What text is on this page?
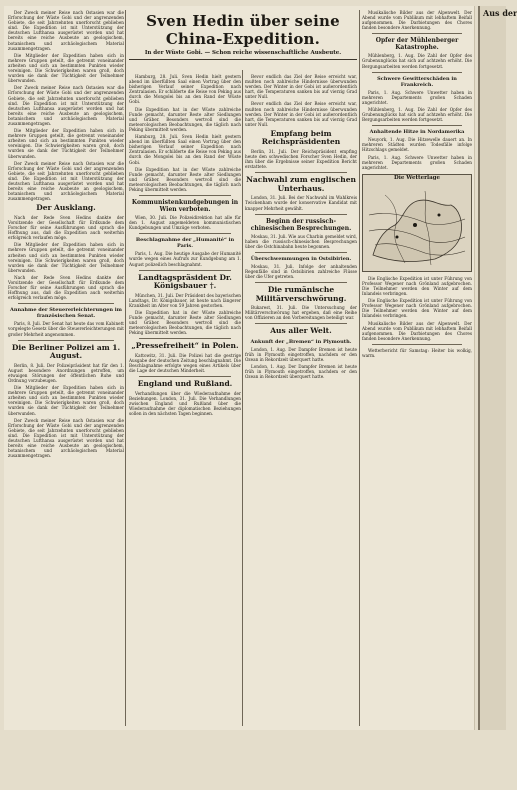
Der Zweck meiner Reise nach Ostasien war die Erforschung der Wüste Gobi und der angrenzenden Gebiete, die seit Jahrzehnten unerforscht geblieben sind. Die Expedition ist mit Unterstützung der deutschen Lufthansa ausgerüstet worden und hat bereits eine reiche Ausbeute an geologischem, botanischem und archäologischem Material zusammengetragen.

Die Mitglieder der Expedition haben sich in mehrere Gruppen geteilt, die getrennt voneinander arbeiten und sich an bestimmten Punkten wieder vereinigen. Die Schwierigkeiten waren groß, doch wurden sie dank der Tüchtigkeit der Teilnehmer überwunden.

Der Zweck meiner Reise nach Ostasien war die Erforschung der Wüste Gobi und der angrenzenden Gebiete, die seit Jahrzehnten unerforscht geblieben sind. Die Expedition ist mit Unterstützung der deutschen Lufthansa ausgerüstet worden und hat bereits eine reiche Ausbeute an geologischem, botanischem und archäologischem Material zusammengetragen.

Die Mitglieder der Expedition haben sich in mehrere Gruppen geteilt, die getrennt voneinander arbeiten und sich an bestimmten Punkten wieder vereinigen. Die Schwierigkeiten waren groß, doch wurden sie dank der Tüchtigkeit der Teilnehmer überwunden.

Der Zweck meiner Reise nach Ostasien war die Erforschung der Wüste Gobi und der angrenzenden Gebiete, die seit Jahrzehnten unerforscht geblieben sind. Die Expedition ist mit Unterstützung der deutschen Lufthansa ausgerüstet worden und hat bereits eine reiche Ausbeute an geologischem, botanischem und archäologischem Material zusammengetragen.

Der Ausklang.

Nach der Rede Sven Hedins dankte der Vorsitzende der Gesellschaft für Erdkunde dem Forscher für seine Ausführungen und sprach die Hoffnung aus, daß die Expedition auch weiterhin erfolgreich verlaufen möge.

Die Mitglieder der Expedition haben sich in mehrere Gruppen geteilt, die getrennt voneinander arbeiten und sich an bestimmten Punkten wieder vereinigen. Die Schwierigkeiten waren groß, doch wurden sie dank der Tüchtigkeit der Teilnehmer überwunden.

Nach der Rede Sven Hedins dankte der Vorsitzende der Gesellschaft für Erdkunde dem Forscher für seine Ausführungen und sprach die Hoffnung aus, daß die Expedition auch weiterhin erfolgreich verlaufen möge.

Annahme der Steuererleichterungen im französischen Senat.

Paris, 8. Juli. Der Senat hat heute das vom Kabinett vorgelegte Gesetz über die Steuererleichterungen mit großer Mehrheit angenommen.

Die Berliner Polizei am 1. August.

Berlin, 8. Juli. Der Polizeipräsident hat für den 1. August besondere Anordnungen getroffen, um etwaigen Störungen der öffentlichen Ruhe und Ordnung vorzubeugen.

Die Mitglieder der Expedition haben sich in mehrere Gruppen geteilt, die getrennt voneinander arbeiten und sich an bestimmten Punkten wieder vereinigen. Die Schwierigkeiten waren groß, doch wurden sie dank der Tüchtigkeit der Teilnehmer überwunden.

Der Zweck meiner Reise nach Ostasien war die Erforschung der Wüste Gobi und der angrenzenden Gebiete, die seit Jahrzehnten unerforscht geblieben sind. Die Expedition ist mit Unterstützung der deutschen Lufthansa ausgerüstet worden und hat bereits eine reiche Ausbeute an geologischem, botanischem und archäologischem Material zusammengetragen.

Sven Hedin über seine China-Expedition.
In der Wüste Gobi. — Schon reiche wissenschaftliche Ausbeute.

Hamburg, 28. Juli. Sven Hedin hielt gestern abend im überfüllten Saal einen Vortrag über den bisherigen Verlauf seiner Expedition nach Zentralasien. Er schilderte die Reise von Peking aus durch die Mongolei bis an den Rand der Wüste Gobi.

Die Expedition hat in der Wüste zahlreiche Funde gemacht, darunter Reste alter Siedlungen und Gräber. Besonders wertvoll sind die meteorologischen Beobachtungen, die täglich nach Peking übermittelt werden.

Hamburg, 28. Juli. Sven Hedin hielt gestern abend im überfüllten Saal einen Vortrag über den bisherigen Verlauf seiner Expedition nach Zentralasien. Er schilderte die Reise von Peking aus durch die Mongolei bis an den Rand der Wüste Gobi.

Die Expedition hat in der Wüste zahlreiche Funde gemacht, darunter Reste alter Siedlungen und Gräber. Besonders wertvoll sind die meteorologischen Beobachtungen, die täglich nach Peking übermittelt werden.

Kommunistenkundgebungen in Wien verboten.

Wien, 30. Juli. Die Polizeidirektion hat alle für den 1. August angemeldeten kommunistischen Kundgebungen und Umzüge verboten.

Beschlagnahme der „Humanité“ in Paris.

Paris, 1. Aug. Die heutige Ausgabe der Humanité wurde wegen eines Aufrufs zur Kundgebung am 1. August polizeilich beschlagnahmt.

Landtagspräsident Dr. Königsbauer †.

München, 31. Juli. Der Präsident des bayerischen Landtags, Dr. Königsbauer, ist heute nach längerer Krankheit im Alter von 59 Jahren gestorben.

Die Expedition hat in der Wüste zahlreiche Funde gemacht, darunter Reste alter Siedlungen und Gräber. Besonders wertvoll sind die meteorologischen Beobachtungen, die täglich nach Peking übermittelt werden.

„Pressefreiheit“ in Polen.

Kattowitz, 31. Juli. Die Polizei hat die gestrige Ausgabe der deutschen Zeitung beschlagnahmt. Die Beschlagnahme erfolgte wegen eines Artikels über die Lage der deutschen Minderheit.

England und Rußland.

Verhandlungen über die Wiederaufnahme der Beziehungen. London, 31. Juli. Die Verhandlungen zwischen England und Rußland über die Wiederaufnahme der diplomatischen Beziehungen sollen in den nächsten Tagen beginnen.

Bevor endlich das Ziel der Reise erreicht war, mußten noch zahlreiche Hindernisse überwunden werden. Der Winter in der Gobi ist außerordentlich hart, die Temperaturen sanken bis auf vierzig Grad unter Null.

Bevor endlich das Ziel der Reise erreicht war, mußten noch zahlreiche Hindernisse überwunden werden. Der Winter in der Gobi ist außerordentlich hart, die Temperaturen sanken bis auf vierzig Grad unter Null.

Empfang beim Reichspräsidenten

Berlin, 31. Juli. Der Reichspräsident empfing heute den schwedischen Forscher Sven Hedin, der ihm über die Ergebnisse seiner Expedition Bericht erstattete.

Nachwahl zum englischen Unterhaus.

London, 31. Juli. Bei der Nachwahl im Wahlkreis Twickenham wurde der konservative Kandidat mit knapper Mehrheit gewählt.

Beginn der russisch-chinesischen Besprechungen.

Moskau, 31. Juli. Wie aus Charbin gemeldet wird, haben die russisch-chinesischen Besprechungen über die Ostchinabahn heute begonnen.

Überschwemmungen in Ostsibirien.

Moskau, 31. Juli. Infolge der anhaltenden Regenfälle sind in Ostsibirien zahlreiche Flüsse über die Ufer getreten.

Die rumänische Militärverschwörung.

Bukarest, 31. Juli. Die Untersuchung der Militärverschwörung hat ergeben, daß eine Reihe von Offizieren an den Vorbereitungen beteiligt war.

Aus aller Welt.
Ankunft der „Bremen“ in Plymouth.

London, 1. Aug. Der Dampfer Bremen ist heute früh in Plymouth eingetroffen, nachdem er den Ozean in Rekordzeit überquert hatte.

London, 1. Aug. Der Dampfer Bremen ist heute früh in Plymouth eingetroffen, nachdem er den Ozean in Rekordzeit überquert hatte.

Musikalische Bilder aus der Alpenwelt. Der Abend wurde vom Publikum mit lebhaftem Beifall aufgenommen. Die Darbietungen des Chores fanden besondere Anerkennung.

Opfer der Mühlenberger Katastrophe.

Mühlenberg, 1. Aug. Die Zahl der Opfer des Grubenunglücks hat sich auf achtzehn erhöht. Die Bergungsarbeiten werden fortgesetzt.

Schwere Gewitterschäden in Frankreich.

Paris, 1. Aug. Schwere Unwetter haben in mehreren Departements großen Schaden angerichtet.

Mühlenberg, 1. Aug. Die Zahl der Opfer des Grubenunglücks hat sich auf achtzehn erhöht. Die Bergungsarbeiten werden fortgesetzt.

Anhaltende Hitze in Nordamerika

Neuyork, 1. Aug. Die Hitzewelle dauert an. In mehreren Städten wurden Todesfälle infolge Hitzschlags gemeldet.

Paris, 1. Aug. Schwere Unwetter haben in mehreren Departements großen Schaden angerichtet.

Die Wetterlage

Die Englische Expedition ist unter Führung von Professor Wegener nach Grönland aufgebrochen. Die Teilnehmer werden den Winter auf dem Inlandeis verbringen.

Die Englische Expedition ist unter Führung von Professor Wegener nach Grönland aufgebrochen. Die Teilnehmer werden den Winter auf dem Inlandeis verbringen.

Musikalische Bilder aus der Alpenwelt. Der Abend wurde vom Publikum mit lebhaftem Beifall aufgenommen. Die Darbietungen des Chores fanden besondere Anerkennung.

Wetterbericht für Samstag: Heiter bis wolkig, warm.

Aus der
